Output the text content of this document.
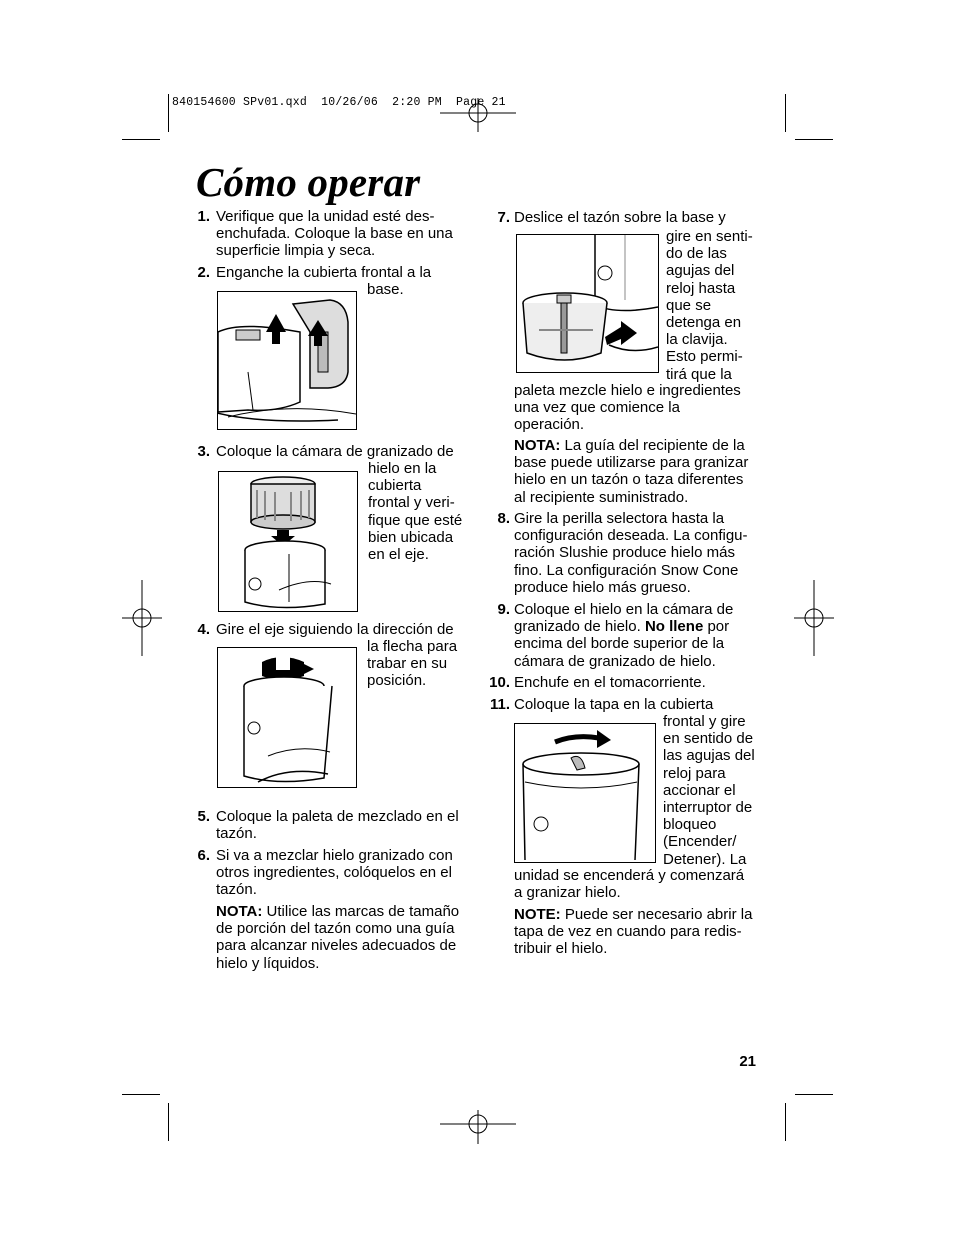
840154600 SPv01.qxd  10/26/06  2:20 PM  Page 21
Cómo operar
1. Verifique que la unidad esté des-
enchufada. Coloque la base en una
superficie limpia y seca.
2. Enganche la cubierta frontal a la
base.
3. Coloque la cámara de granizado de
hielo en la
cubierta
frontal y veri-
fique que esté
bien ubicada
en el eje.
4. Gire el eje siguiendo la dirección de
la flecha para
trabar en su
posición.
5. Coloque la paleta de mezclado en el
tazón.
6. Si va a mezclar hielo granizado con
otros ingredientes, colóquelos en el
tazón.
NOTA: Utilice las marcas de tamaño
de porción del tazón como una guía
para alcanzar niveles adecuados de
hielo y líquidos.
7. Deslice el tazón sobre la base y
gire en senti-
do de las
agujas del
reloj hasta
que se
detenga en
la clavija.
Esto permi-
tirá que la
paleta mezcle hielo e ingredientes
una vez que comience la
operación.
NOTA: La guía del recipiente de la
base puede utilizarse para granizar
hielo en un tazón o taza diferentes
al recipiente suministrado.
8. Gire la perilla selectora hasta la
configuración deseada. La configu-
ración Slushie produce hielo más
fino. La configuración Snow Cone
produce hielo más grueso.
9. Coloque el hielo en la cámara de
granizado de hielo. No llene por
encima del borde superior de la
cámara de granizado de hielo.
10. Enchufe en el tomacorriente.
11. Coloque la tapa en la cubierta
frontal y gire
en sentido de
las agujas del
reloj para
accionar el
interruptor de
bloqueo
(Encender/
Detener). La
unidad se encenderá y comenzará
a granizar hielo.
NOTE: Puede ser necesario abrir la
tapa de vez en cuando para redis-
tribuir el hielo.
21
